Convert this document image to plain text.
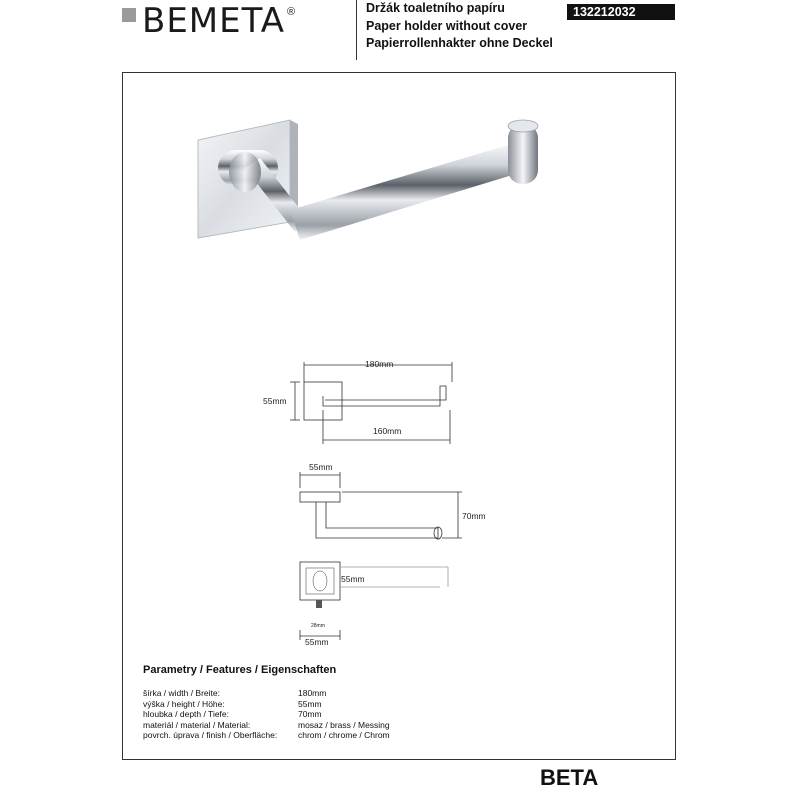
BEMETA ®	Držák toaletního papíru
Paper holder without cover
Papierrollenhakter ohne Deckel
132212032
180mm
55mm
160mm
55mm
70mm
55mm
28mm
55mm
Parametry / Features / Eigenschaften
šírka / width / Breite:	180mm
výška / height / Höhe:	55mm
hloubka / depth / Tiefe:	70mm
materiál / material / Material:	mosaz / brass / Messing
povrch. úprava / finish / Oberfläche:	chrom / chrome / Chrom
BETA
